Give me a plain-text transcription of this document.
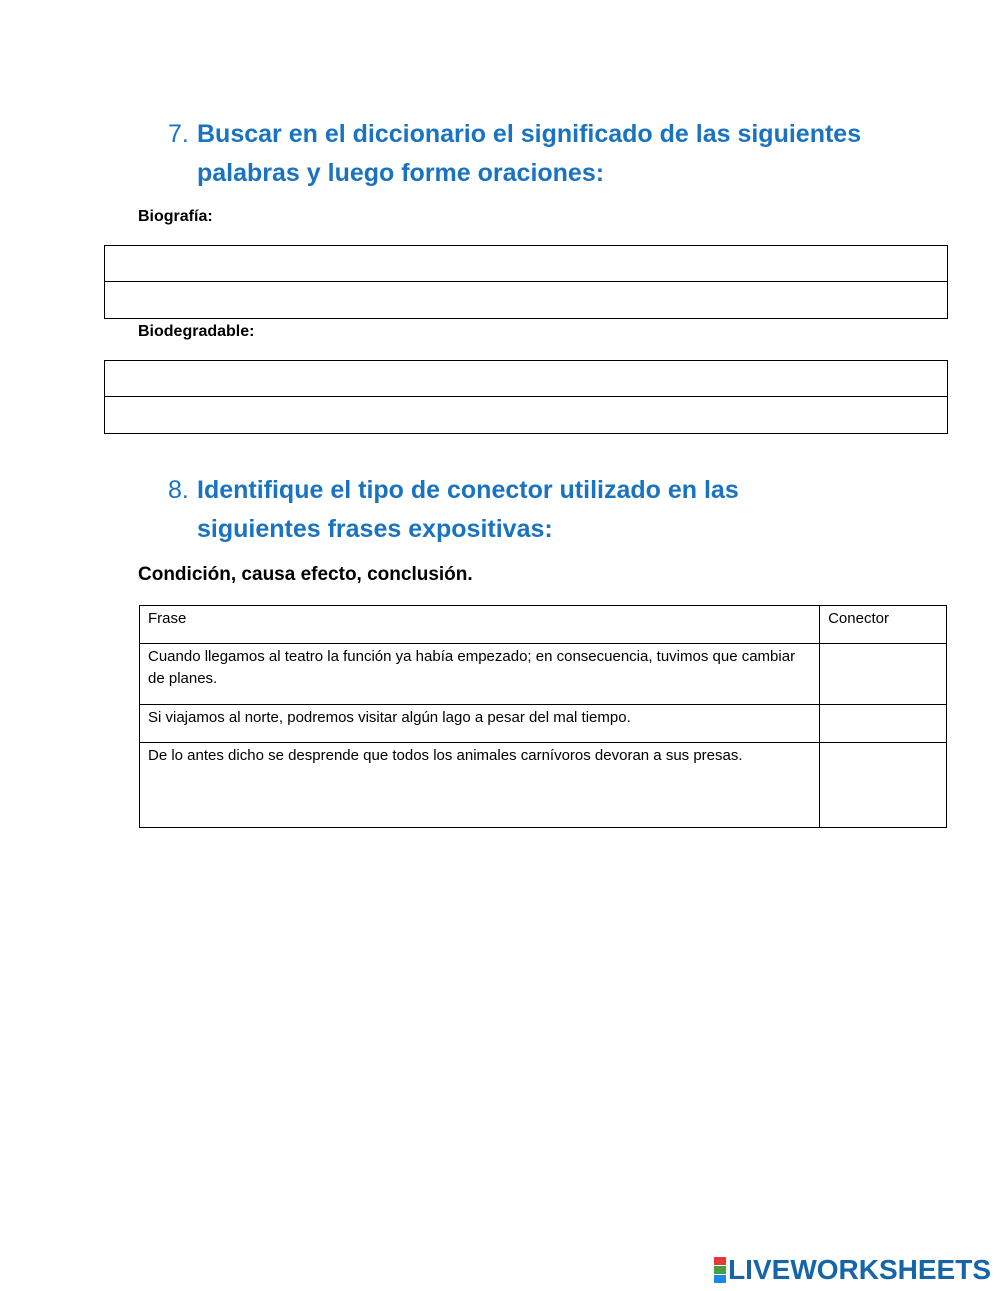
7. Buscar en el diccionario el significado de las siguientes palabras y luego forme oraciones:
Biografía:
Biodegradable:
8. Identifique el tipo de conector utilizado en las siguientes frases expositivas:
Condición, causa efecto, conclusión.
Frase	Conector
Cuando llegamos al teatro la función ya había empezado; en consecuencia, tuvimos que cambiar de planes.	
Si viajamos al norte, podremos visitar algún lago a pesar del mal tiempo.	
De lo antes dicho se desprende que todos los animales carnívoros devoran a sus presas.	
LIVEWORKSHEETS
